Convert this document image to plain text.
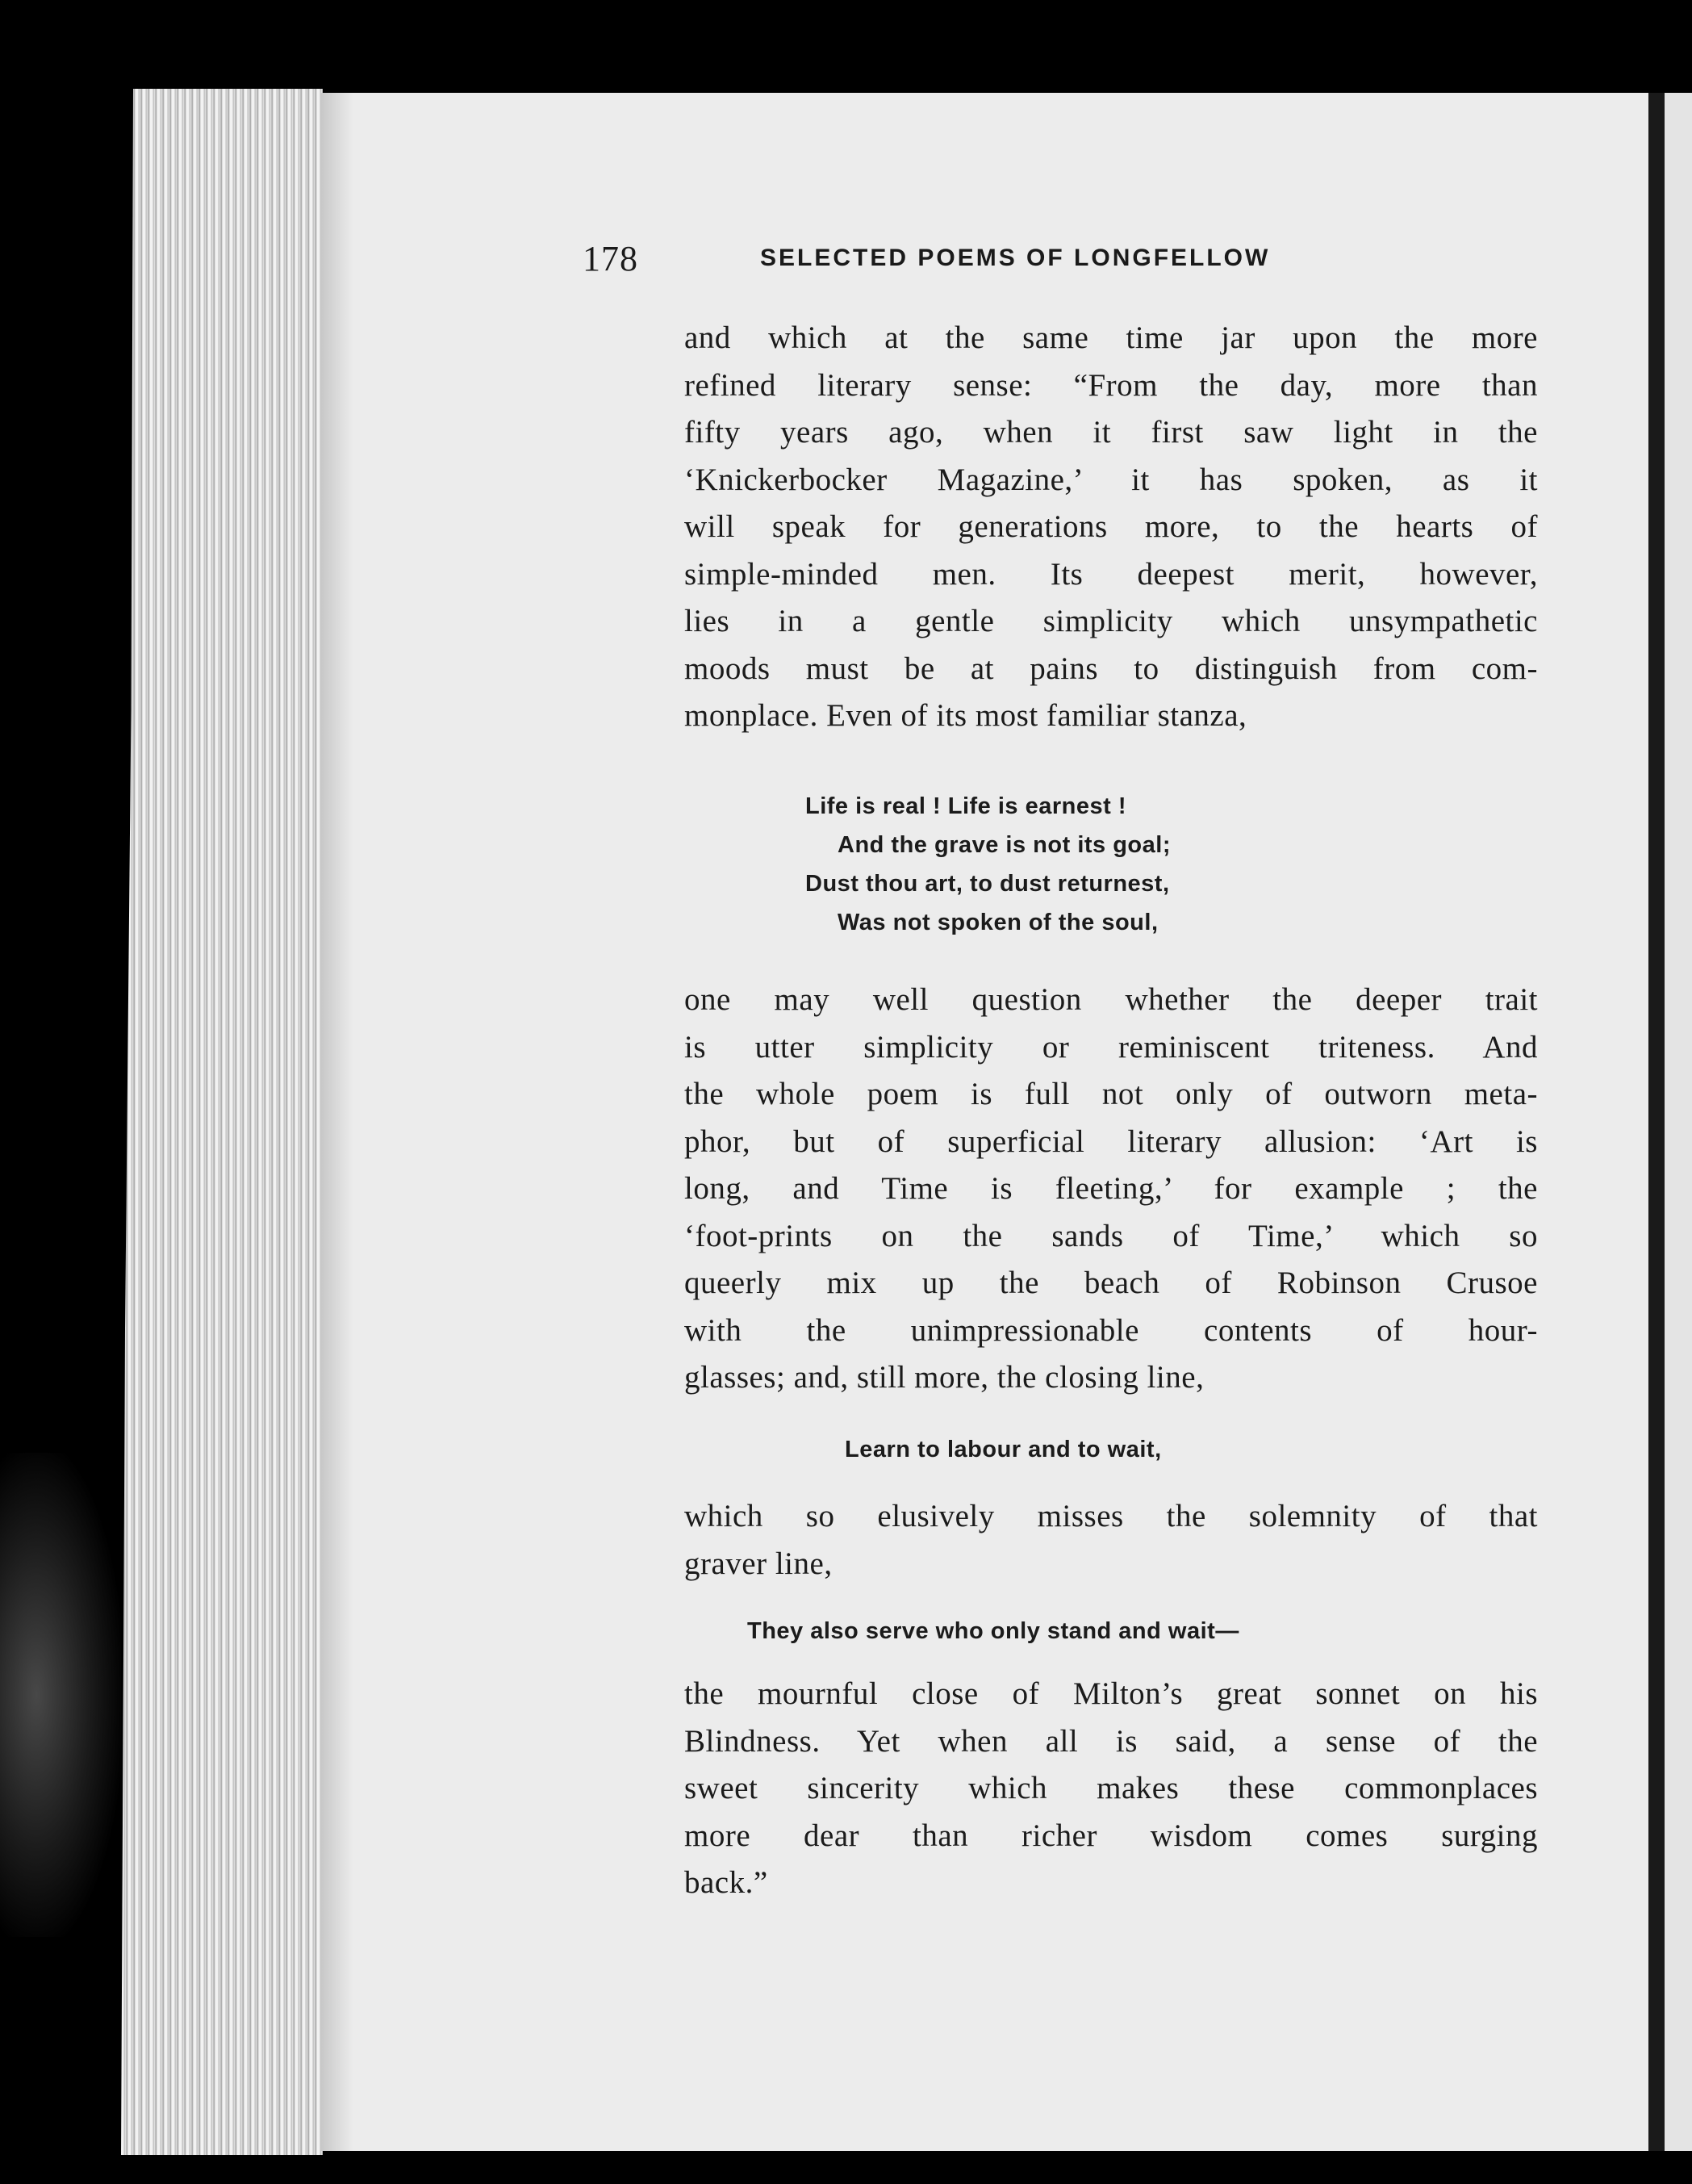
178	SELECTED POEMS OF LONGFELLOW
and which at the same time jar upon the more
refined literary sense: “From the day, more than
fifty years ago, when it first saw light in the
‘Knickerbocker Magazine,’ it has spoken, as it
will speak for generations more, to the hearts of
simple-minded men. Its deepest merit, however,
lies in a gentle simplicity which unsympathetic
moods must be at pains to distinguish from com-
monplace. Even of its most familiar stanza,
Life is real ! Life is earnest !
And the grave is not its goal;
Dust thou art, to dust returnest,
Was not spoken of the soul,
one may well question whether the deeper trait
is utter simplicity or reminiscent triteness. And
the whole poem is full not only of outworn meta-
phor, but of superficial literary allusion: ‘Art is
long, and Time is fleeting,’ for example ; the
‘foot-prints on the sands of Time,’ which so
queerly mix up the beach of Robinson Crusoe
with the unimpressionable contents of hour-
glasses; and, still more, the closing line,
Learn to labour and to wait,
which so elusively misses the solemnity of that
graver line,
They also serve who only stand and wait—
the mournful close of Milton’s great sonnet on his
Blindness. Yet when all is said, a sense of the
sweet sincerity which makes these commonplaces
more dear than richer wisdom comes surging
back.”
